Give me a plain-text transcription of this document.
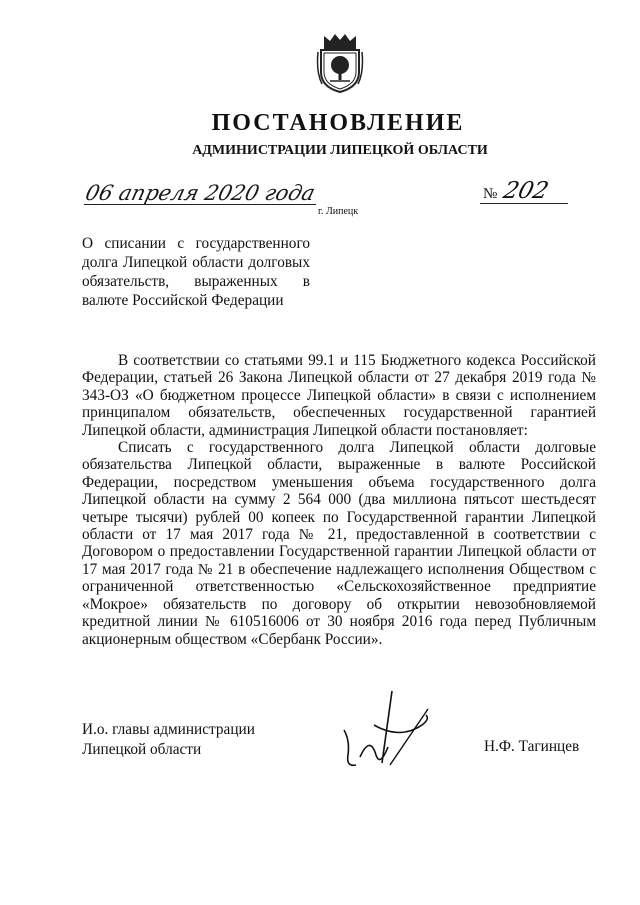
ПОСТАНОВЛЕНИЕ
АДМИНИСТРАЦИИ ЛИПЕЦКОЙ ОБЛАСТИ
06 апреля 2020 года
г. Липецк
№ 202
О списании с государственного долга Липецкой области долговых обязательств, выраженных в валюте Российской Федерации

В соответствии со статьями 99.1 и 115 Бюджетного кодекса Российской Федерации, статьей 26 Закона Липецкой области от 27 декабря 2019 года № 343-ОЗ «О бюджетном процессе Липецкой области» в связи с исполнением принципалом обязательств, обеспеченных государственной гарантией Липецкой области, администрация Липецкой области постановляет:

Списать с государственного долга Липецкой области долговые обязательства Липецкой области, выраженные в валюте Российской Федерации, посредством уменьшения объема государственного долга Липецкой области на сумму 2 564 000 (два миллиона пятьсот шестьдесят четыре тысячи) рублей 00 копеек по Государственной гарантии Липецкой области от 17 мая 2017 года № 21, предоставленной в соответствии с Договором о предоставлении Государственной гарантии Липецкой области от 17 мая 2017 года № 21 в обеспечение надлежащего исполнения Обществом с ограниченной ответственностью «Сельскохозяйственное предприятие «Мокрое» обязательств по договору об открытии невозобновляемой кредитной линии № 610516006 от 30 ноября 2016 года перед Публичным акционерным обществом «Сбербанк России».

И.о. главы администрации
Липецкой области	Н.Ф. Тагинцев
